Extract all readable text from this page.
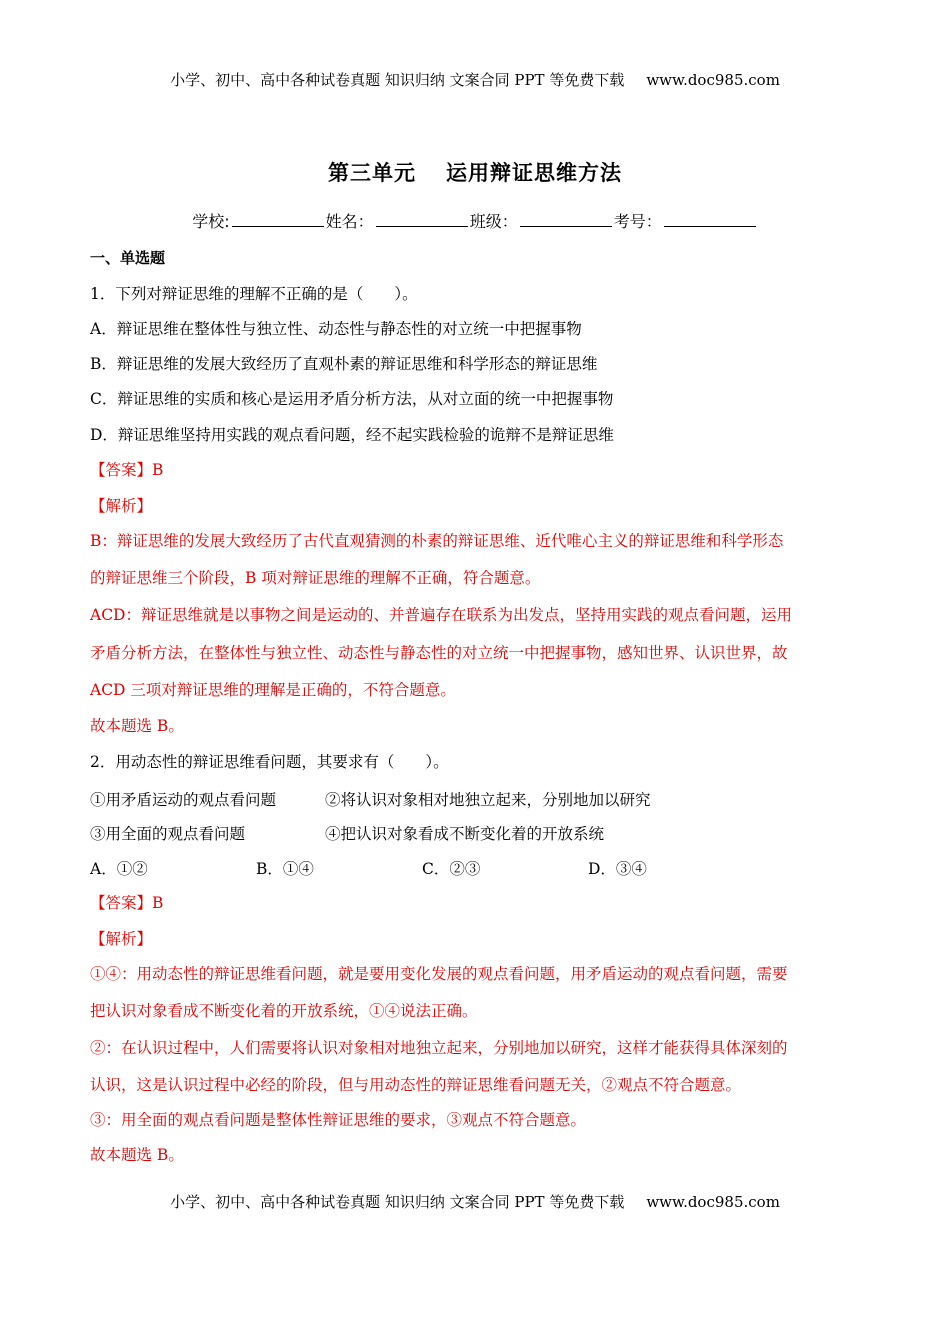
小学、初中、高中各种试卷真题 知识归纳 文案合同 PPT 等免费下载 www.doc985.com
第三单元 运用辩证思维方法
学校:	姓名：	班级：	考号：
一、单选题
1．下列对辩证思维的理解不正确的是（　　）。
A．辩证思维在整体性与独立性、动态性与静态性的对立统一中把握事物
B．辩证思维的发展大致经历了直观朴素的辩证思维和科学形态的辩证思维
C．辩证思维的实质和核心是运用矛盾分析方法，从对立面的统一中把握事物
D．辩证思维坚持用实践的观点看问题，经不起实践检验的诡辩不是辩证思维
【答案】B
【解析】
B：辩证思维的发展大致经历了古代直观猜测的朴素的辩证思维、近代唯心主义的辩证思维和科学形态
的辩证思维三个阶段，B 项对辩证思维的理解不正确，符合题意。
ACD：辩证思维就是以事物之间是运动的、并普遍存在联系为出发点，坚持用实践的观点看问题，运用
矛盾分析方法，在整体性与独立性、动态性与静态性的对立统一中把握事物，感知世界、认识世界，故
ACD 三项对辩证思维的理解是正确的，不符合题意。
故本题选 B。
2．用动态性的辩证思维看问题，其要求有（　　）。
①用矛盾运动的观点看问题	②将认识对象相对地独立起来，分别地加以研究
③用全面的观点看问题	④把认识对象看成不断变化着的开放系统
A．①②	B．①④	C．②③	D．③④
【答案】B
【解析】
①④：用动态性的辩证思维看问题，就是要用变化发展的观点看问题，用矛盾运动的观点看问题，需要
把认识对象看成不断变化着的开放系统，①④说法正确。
②：在认识过程中，人们需要将认识对象相对地独立起来，分别地加以研究，这样才能获得具体深刻的
认识，这是认识过程中必经的阶段，但与用动态性的辩证思维看问题无关，②观点不符合题意。
③：用全面的观点看问题是整体性辩证思维的要求，③观点不符合题意。
故本题选 B。
小学、初中、高中各种试卷真题 知识归纳 文案合同 PPT 等免费下载 www.doc985.com
